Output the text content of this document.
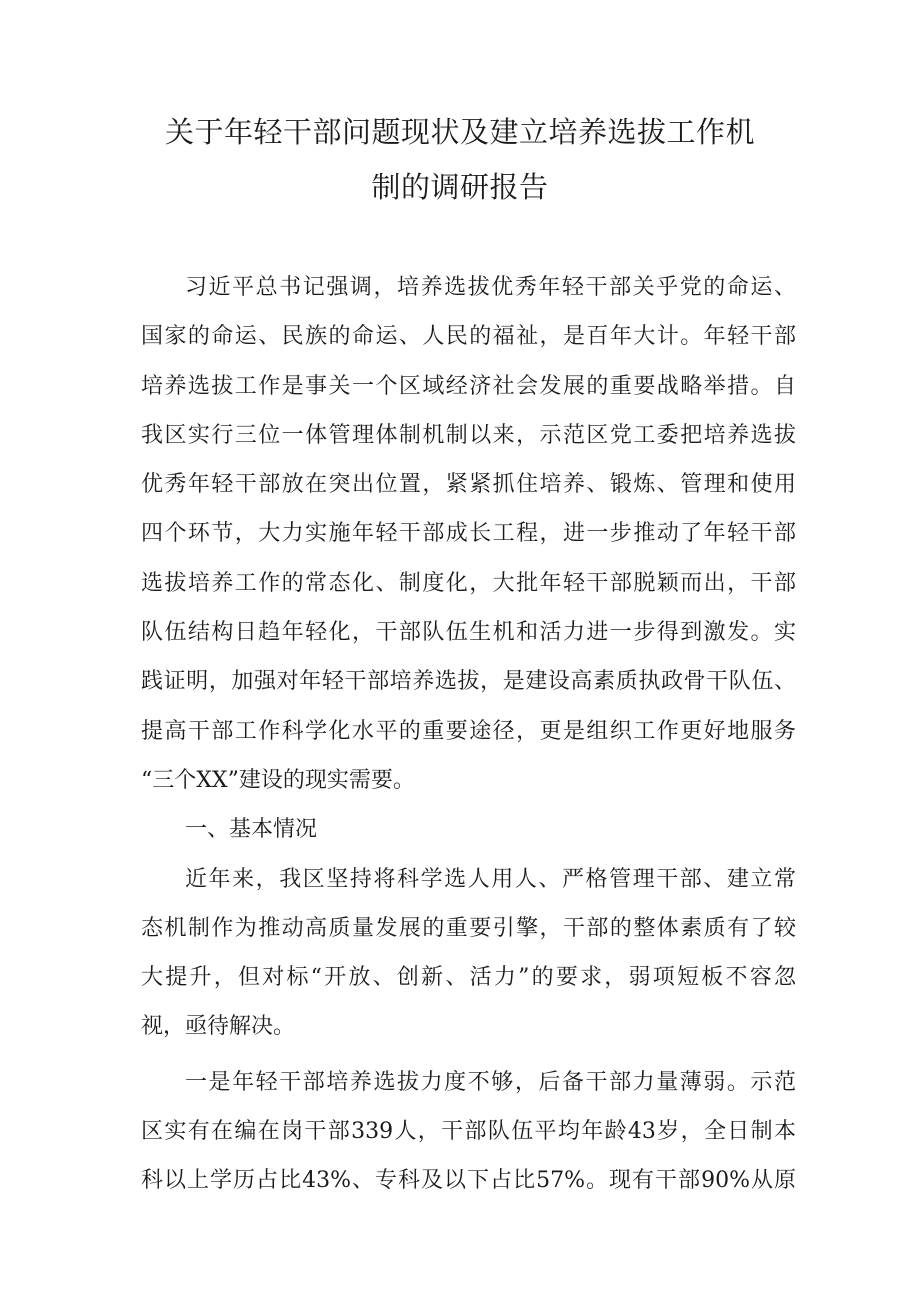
关于年轻干部问题现状及建立培养选拔工作机
制的调研报告
习近平总书记强调，培养选拔优秀年轻干部关乎党的命运、
国家的命运、民族的命运、人民的福祉，是百年大计。年轻干部
培养选拔工作是事关一个区域经济社会发展的重要战略举措。自
我区实行三位一体管理体制机制以来，示范区党工委把培养选拔
优秀年轻干部放在突出位置，紧紧抓住培养、锻炼、管理和使用
四个环节，大力实施年轻干部成长工程，进一步推动了年轻干部
选拔培养工作的常态化、制度化，大批年轻干部脱颖而出，干部
队伍结构日趋年轻化，干部队伍生机和活力进一步得到激发。实
践证明，加强对年轻干部培养选拔，是建设高素质执政骨干队伍、
提高干部工作科学化水平的重要途径，更是组织工作更好地服务
“三个XX”建设的现实需要。
一、基本情况
近年来，我区坚持将科学选人用人、严格管理干部、建立常
态机制作为推动高质量发展的重要引擎，干部的整体素质有了较
大提升，但对标“开放、创新、活力”的要求，弱项短板不容忽
视，亟待解决。
一是年轻干部培养选拔力度不够，后备干部力量薄弱。示范
区实有在编在岗干部339人，干部队伍平均年龄43岁，全日制本
科以上学历占比43%、专科及以下占比57%。现有干部90%从原
